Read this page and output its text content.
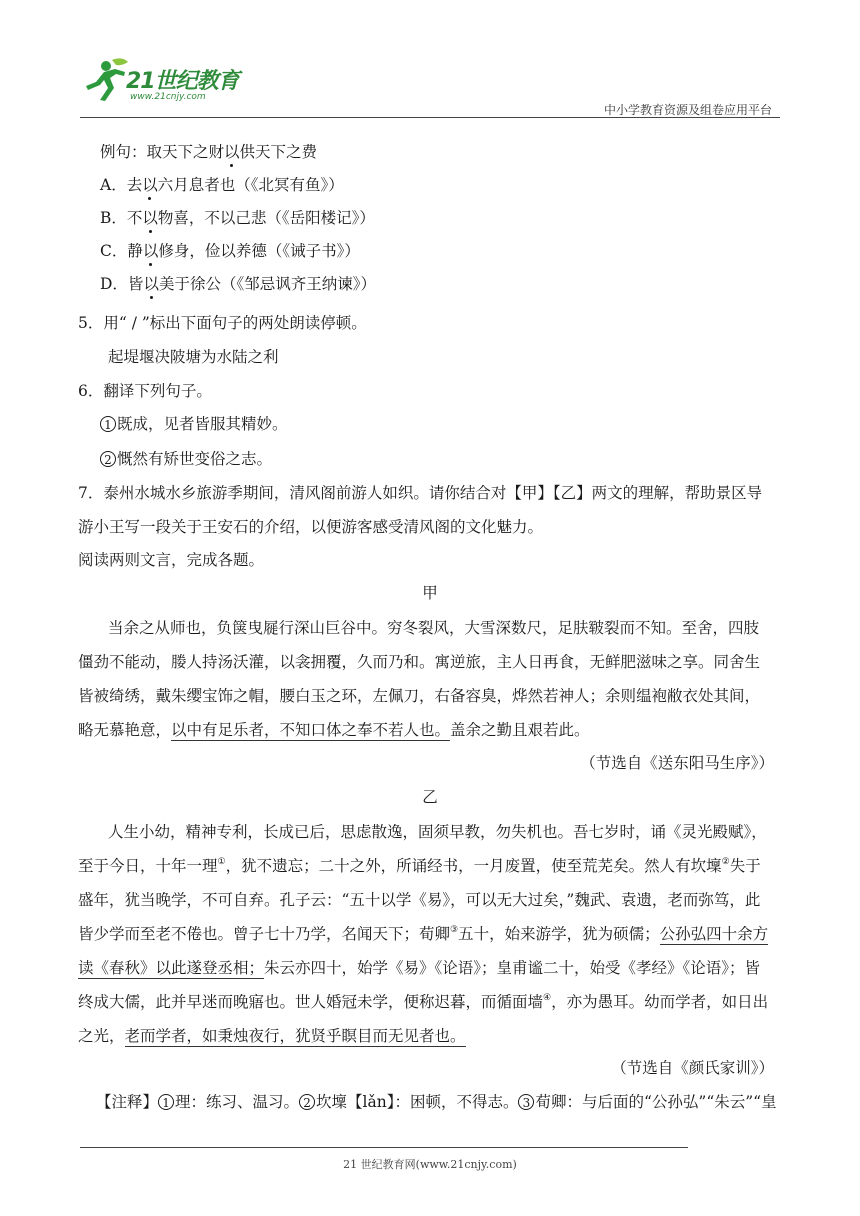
21世纪教育
www.21cnjy.com
中小学教育资源及组卷应用平台
例句：取天下之财以供天下之费
A．去以六月息者也（《北冥有鱼》）
B．不以物喜，不以己悲（《岳阳楼记》）
C．静以修身，俭以养德（《诫子书》）
D．皆以美于徐公（《邹忌讽齐王纳谏》）
5．用“ / ”标出下面句子的两处朗读停顿。
起堤堰决陂塘为水陆之利
6．翻译下列句子。
1 既成，见者皆服其精妙。
2 慨然有矫世变俗之志。
7．泰州水城水乡旅游季期间，清风阁前游人如织。请你结合对【甲】【乙】两文的理解，帮助景区导
游小王写一段关于王安石的介绍，以便游客感受清风阁的文化魅力。
阅读两则文言，完成各题。
甲
当余之从师也，负箧曳屣行深山巨谷中。穷冬裂风，大雪深数尺，足肤皲裂而不知。至舍，四肢
僵劲不能动，媵人持汤沃灌，以衾拥覆，久而乃和。寓逆旅，主人日再食，无鲜肥滋味之享。同舍生
皆被绮绣，戴朱缨宝饰之帽，腰白玉之环，左佩刀，右备容臭，烨然若神人；余则缊袍敝衣处其间，
略无慕艳意，以中有足乐者，不知口体之奉不若人也。盖余之勤且艰若此。
（节选自《送东阳马生序》）
乙
人生小幼，精神专利，长成已后，思虑散逸，固须早教，勿失机也。吾七岁时，诵《灵光殿赋》，
至于今日，十年一理①，犹不遗忘；二十之外，所诵经书，一月废置，使至荒芜矣。然人有坎壈②失于
盛年，犹当晚学，不可自弃。孔子云：“五十以学《易》，可以无大过矣，”魏武、袁遗，老而弥笃，此
皆少学而至老不倦也。曾子七十乃学，名闻天下；荀卿③五十，始来游学，犹为硕儒；公孙弘四十余方
读《春秋》以此遂登丞相；朱云亦四十，始学《易》《论语》；皇甫谧二十，始受《孝经》《论语》；皆
终成大儒，此并早迷而晚寤也。世人婚冠未学，便称迟暮，而循面墙④，亦为愚耳。幼而学者，如日出
之光，老而学者，如秉烛夜行，犹贤乎瞑目而无见者也。
（节选自《颜氏家训》）
【注释】 1 理：练习、温习。 2 坎壈【lǎn】：困顿，不得志。 3 荀卿：与后面的“公孙弘”“朱云”“皇
21 世纪教育网(www.21cnjy.com)
